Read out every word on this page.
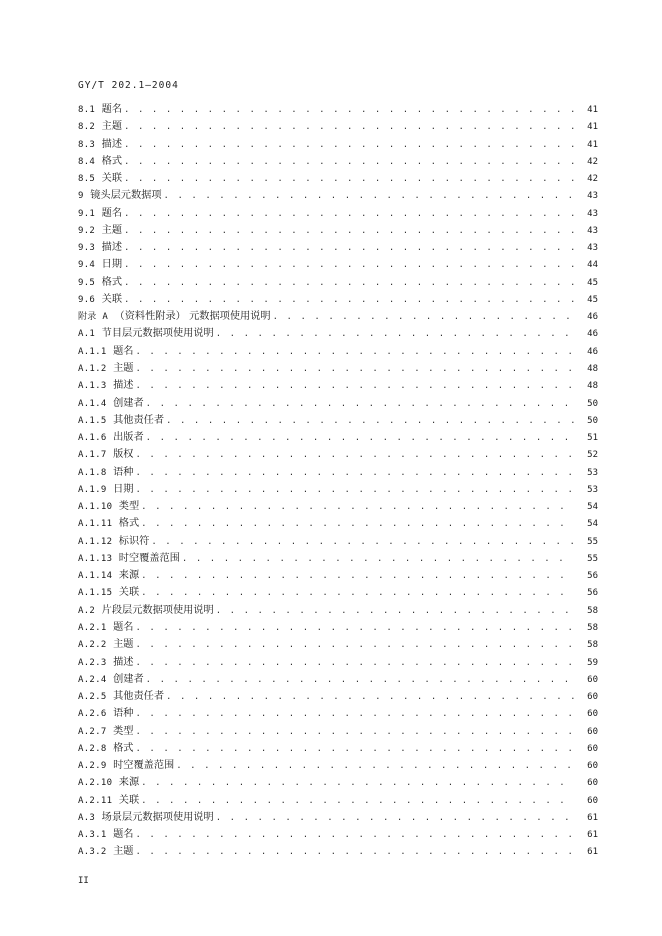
GY/T 202.1—2004
8.1 题名 . . .	41
8.2 主题 . . .	41
8.3 描述 . . .	41
8.4 格式 . . .	42
8.5 关联 . . .	42
9 镜头层元数据项 . . .	43
9.1 题名 . . .	43
9.2 主题 . . .	43
9.3 描述 . . .	43
9.4 日期 . . .	44
9.5 格式 . . .	45
9.6 关联 . . .	45
附录 A （资料性附录） 元数据项使用说明 . . .	46
A.1 节目层元数据项使用说明 . . .	46
A.1.1 题名 . . .	46
A.1.2 主题 . . .	48
A.1.3 描述 . . .	48
A.1.4 创建者 . . .	50
A.1.5 其他责任者 . . .	50
A.1.6 出版者 . . .	51
A.1.7 版权 . . .	52
A.1.8 语种 . . .	53
A.1.9 日期 . . .	53
A.1.10 类型 . . .	54
A.1.11 格式 . . .	54
A.1.12 标识符 . . .	55
A.1.13 时空覆盖范围 . . .	55
A.1.14 来源 . . .	56
A.1.15 关联 . . .	56
A.2 片段层元数据项使用说明 . . .	58
A.2.1 题名 . . .	58
A.2.2 主题 . . .	58
A.2.3 描述 . . .	59
A.2.4 创建者 . . .	60
A.2.5 其他责任者 . . .	60
A.2.6 语种 . . .	60
A.2.7 类型 . . .	60
A.2.8 格式 . . .	60
A.2.9 时空覆盖范围 . . .	60
A.2.10 来源 . . .	60
A.2.11 关联 . . .	60
A.3 场景层元数据项使用说明 . . .	61
A.3.1 题名 . . .	61
A.3.2 主题 . . .	61
II
